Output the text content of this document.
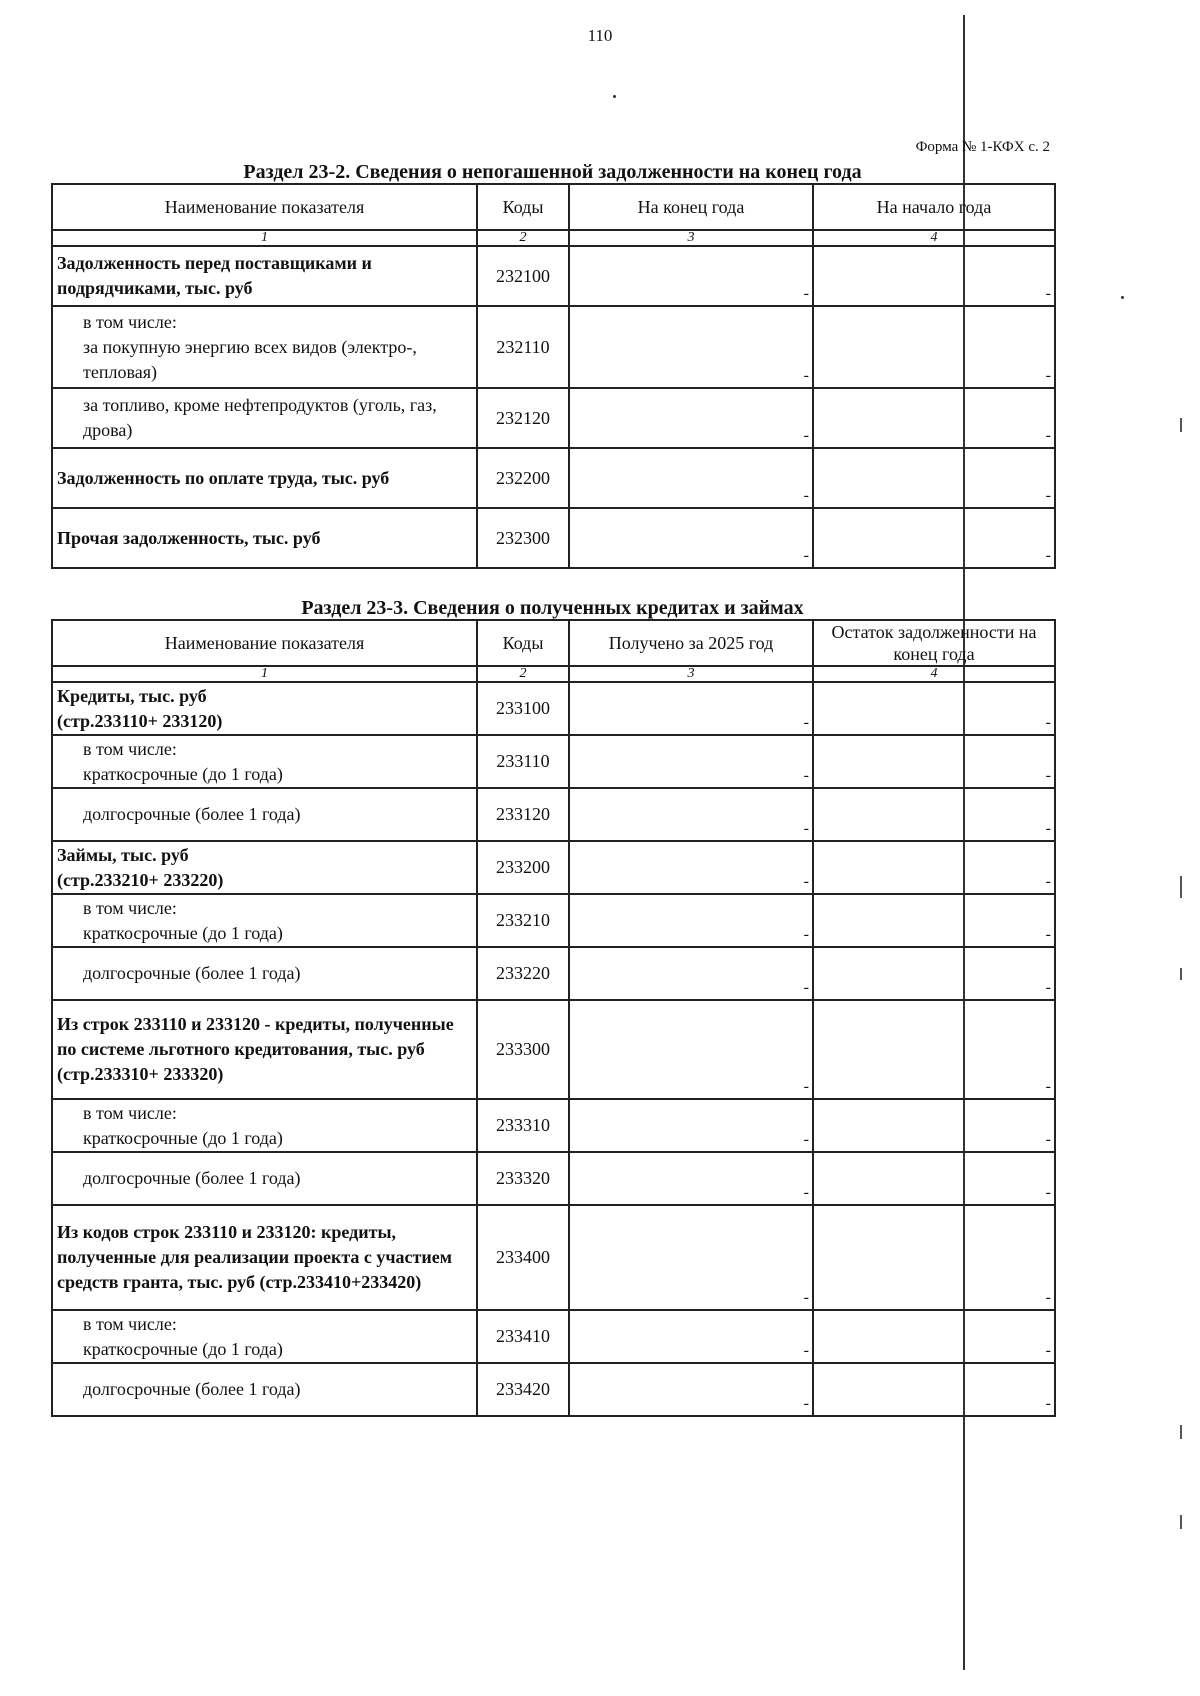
110
Форма № 1-КФХ с. 2
Раздел 23-2. Сведения о непогашенной задолженности на конец года
Наименование показателя	Коды	На конец года	На начало года
1	2	3	4

Задолженность перед поставщиками и подрядчиками, тыс. руб	232100	-	-

в том числе:
за покупную энергию всех видов (электро-, тепловая)	232110	-	-

за топливо, кроме нефтепродуктов (уголь, газ, дрова)	232120	-	-

Задолженность по оплате труда, тыс. руб	232200	-	-

Прочая задолженность, тыс. руб	232300	-	-
Раздел 23-3. Сведения о полученных кредитах и займах
Наименование показателя	Коды	Получено за 2025 год	Остаток задолженности на конец года
1	2	3	4

Кредиты, тыс. руб
(стр.233110+ 233120)	233100	-	-

в том числе:
краткосрочные (до 1 года)	233110	-	-

долгосрочные (более 1 года)	233120	-	-

Займы, тыс. руб
(стр.233210+ 233220)	233200	-	-

в том числе:
краткосрочные (до 1 года)	233210	-	-

долгосрочные (более 1 года)	233220	-	-

Из строк 233110 и 233120 - кредиты, полученные по системе льготного кредитования, тыс. руб (стр.233310+ 233320)	233300	-	-

в том числе:
краткосрочные (до 1 года)	233310	-	-

долгосрочные (более 1 года)	233320	-	-

Из кодов строк 233110 и 233120: кредиты, полученные для реализации проекта с участием средств гранта, тыс. руб (стр.233410+233420)	233400	-	-

в том числе:
краткосрочные (до 1 года)	233410	-	-

долгосрочные (более 1 года)	233420	-	-
